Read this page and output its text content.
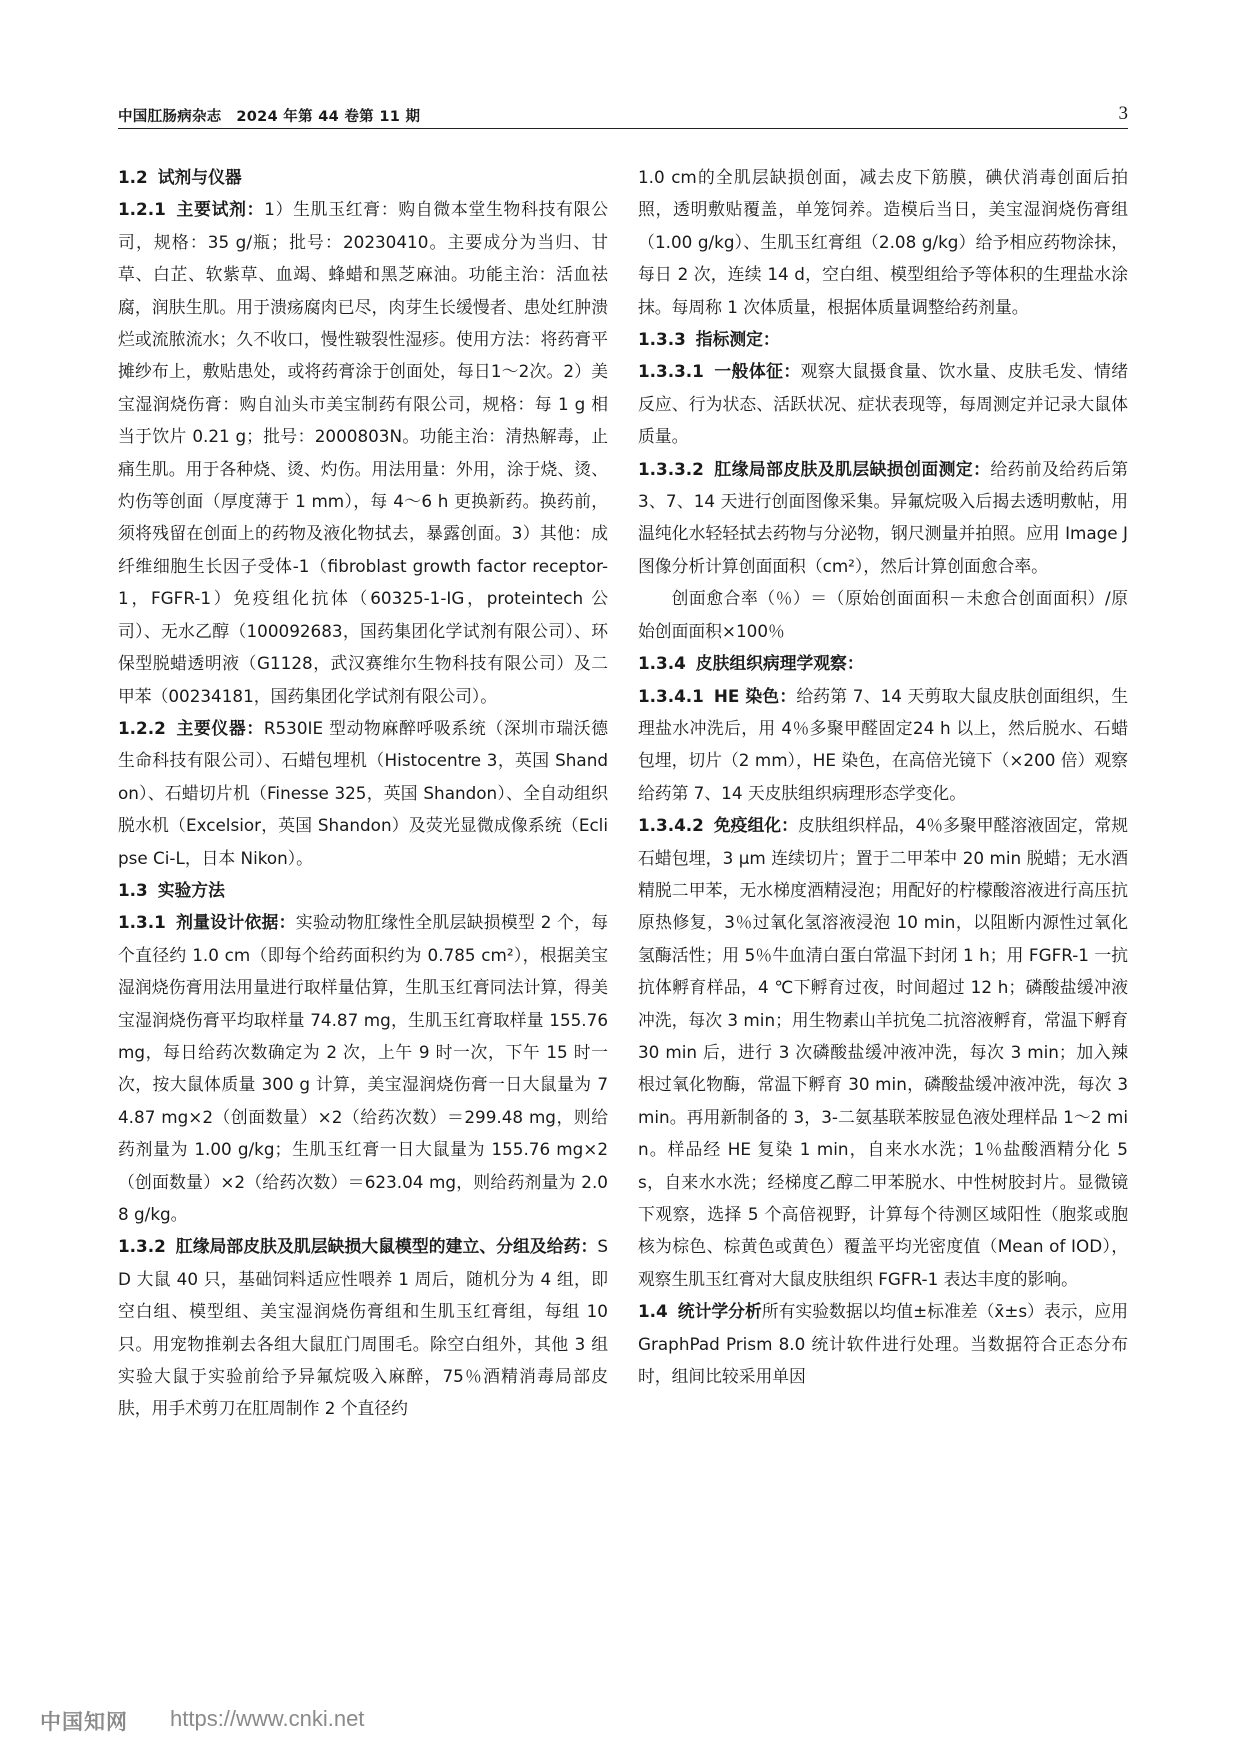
中国肛肠病杂志　2024 年第 44 卷第 11 期	3

1.2 试剂与仪器

1.2.1 主要试剂：1）生肌玉红膏：购自微本堂生物科技有限公司，规格：35 g/瓶；批号：20230410。主要成分为当归、甘草、白芷、软紫草、血竭、蜂蜡和黑芝麻油。功能主治：活血祛腐，润肤生肌。用于溃疡腐肉已尽，肉芽生长缓慢者、患处红肿溃烂或流脓流水；久不收口，慢性皲裂性湿疹。使用方法：将药膏平摊纱布上，敷贴患处，或将药膏涂于创面处，每日1～2次。2）美宝湿润烧伤膏：购自汕头市美宝制药有限公司，规格：每 1 g 相当于饮片 0.21 g；批号：2000803N。功能主治：清热解毒，止痛生肌。用于各种烧、烫、灼伤。用法用量：外用，涂于烧、烫、灼伤等创面（厚度薄于 1 mm），每 4～6 h 更换新药。换药前，须将残留在创面上的药物及液化物拭去，暴露创面。3）其他：成纤维细胞生长因子受体-1（fibroblast growth factor receptor-1，FGFR-1）免疫组化抗体（60325-1-IG，proteintech 公司）、无水乙醇（100092683，国药集团化学试剂有限公司）、环保型脱蜡透明液（G1128，武汉赛维尔生物科技有限公司）及二甲苯（00234181，国药集团化学试剂有限公司）。

1.2.2 主要仪器：R530IE 型动物麻醉呼吸系统（深圳市瑞沃德生命科技有限公司）、石蜡包埋机（Histocentre 3，英国 Shandon）、石蜡切片机（Finesse 325，英国 Shandon）、全自动组织脱水机（Excelsior，英国 Shandon）及荧光显微成像系统（Eclipse Ci-L，日本 Nikon）。

1.3 实验方法

1.3.1 剂量设计依据：实验动物肛缘性全肌层缺损模型 2 个，每个直径约 1.0 cm（即每个给药面积约为 0.785 cm²），根据美宝湿润烧伤膏用法用量进行取样量估算，生肌玉红膏同法计算，得美宝湿润烧伤膏平均取样量 74.87 mg，生肌玉红膏取样量 155.76 mg，每日给药次数确定为 2 次，上午 9 时一次，下午 15 时一次，按大鼠体质量 300 g 计算，美宝湿润烧伤膏一日大鼠量为 74.87 mg×2（创面数量）×2（给药次数）＝299.48 mg，则给药剂量为 1.00 g/kg；生肌玉红膏一日大鼠量为 155.76 mg×2（创面数量）×2（给药次数）＝623.04 mg，则给药剂量为 2.08 g/kg。

1.3.2 肛缘局部皮肤及肌层缺损大鼠模型的建立、分组及给药：SD 大鼠 40 只，基础饲料适应性喂养 1 周后，随机分为 4 组，即空白组、模型组、美宝湿润烧伤膏组和生肌玉红膏组，每组 10 只。用宠物推剃去各组大鼠肛门周围毛。除空白组外，其他 3 组实验大鼠于实验前给予异氟烷吸入麻醉，75％酒精消毒局部皮肤，用手术剪刀在肛周制作 2 个直径约

1.0 cm的全肌层缺损创面，减去皮下筋膜，碘伏消毒创面后拍照，透明敷贴覆盖，单笼饲养。造模后当日，美宝湿润烧伤膏组（1.00 g/kg）、生肌玉红膏组（2.08 g/kg）给予相应药物涂抹，每日 2 次，连续 14 d，空白组、模型组给予等体积的生理盐水涂抹。每周称 1 次体质量，根据体质量调整给药剂量。

1.3.3 指标测定：

1.3.3.1 一般体征：观察大鼠摄食量、饮水量、皮肤毛发、情绪反应、行为状态、活跃状况、症状表现等，每周测定并记录大鼠体质量。

1.3.3.2 肛缘局部皮肤及肌层缺损创面测定：给药前及给药后第 3、7、14 天进行创面图像采集。异氟烷吸入后揭去透明敷帖，用温纯化水轻轻拭去药物与分泌物，钢尺测量并拍照。应用 Image J 图像分析计算创面面积（cm²），然后计算创面愈合率。

创面愈合率（％）＝（原始创面面积－未愈合创面面积）/原始创面面积×100％

1.3.4 皮肤组织病理学观察：

1.3.4.1 HE 染色：给药第 7、14 天剪取大鼠皮肤创面组织，生理盐水冲洗后，用 4％多聚甲醛固定24 h 以上，然后脱水、石蜡包埋，切片（2 mm），HE 染色，在高倍光镜下（×200 倍）观察给药第 7、14 天皮肤组织病理形态学变化。

1.3.4.2 免疫组化：皮肤组织样品，4％多聚甲醛溶液固定，常规石蜡包埋，3 μm 连续切片；置于二甲苯中 20 min 脱蜡；无水酒精脱二甲苯，无水梯度酒精浸泡；用配好的柠檬酸溶液进行高压抗原热修复，3％过氧化氢溶液浸泡 10 min，以阻断内源性过氧化氢酶活性；用 5％牛血清白蛋白常温下封闭 1 h；用 FGFR-1 一抗抗体孵育样品，4 ℃下孵育过夜，时间超过 12 h；磷酸盐缓冲液冲洗，每次 3 min；用生物素山羊抗兔二抗溶液孵育，常温下孵育 30 min 后，进行 3 次磷酸盐缓冲液冲洗，每次 3 min；加入辣根过氧化物酶，常温下孵育 30 min，磷酸盐缓冲液冲洗，每次 3 min。再用新制备的 3，3-二氨基联苯胺显色液处理样品 1～2 min。样品经 HE 复染 1 min，自来水水洗；1％盐酸酒精分化 5 s，自来水水洗；经梯度乙醇二甲苯脱水、中性树胶封片。显微镜下观察，选择 5 个高倍视野，计算每个待测区域阳性（胞浆或胞核为棕色、棕黄色或黄色）覆盖平均光密度值（Mean of IOD），观察生肌玉红膏对大鼠皮肤组织 FGFR-1 表达丰度的影响。

1.4 统计学分析所有实验数据以均值±标准差（x̄±s）表示，应用 GraphPad Prism 8.0 统计软件进行处理。当数据符合正态分布时，组间比较采用单因

中国知网 https://www.cnki.net
